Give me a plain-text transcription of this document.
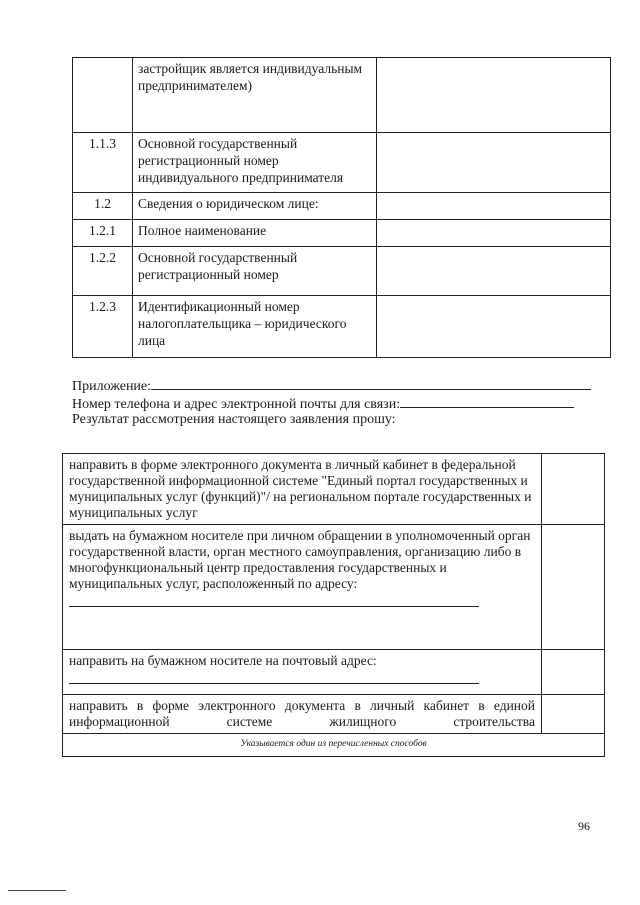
	застройщик является индивидуальным предпринимателем)	
1.1.3	Основной государственный регистрационный номер индивидуального предпринимателя	
1.2	Сведения о юридическом лице:	
1.2.1	Полное наименование	
1.2.2	Основной государственный регистрационный номер	
1.2.3	Идентификационный номер налогоплательщика – юридического лица	
Приложение:
Номер телефона и адрес электронной почты для связи:
Результат рассмотрения настоящего заявления прошу:
направить в форме электронного документа в личный кабинет в федеральной государственной информационной системе "Единый портал государственных и муниципальных услуг (функций)"/ на региональном портале государственных и муниципальных услуг	
выдать на бумажном носителе при личном обращении в уполномоченный орган государственной власти, орган местного самоуправления, организацию либо в многофункциональный центр предоставления государственных и муниципальных услуг, расположенный по адресу:

направить на бумажном носителе на почтовый адрес:

направить в форме электронного документа в личный кабинет в единой информационной системе жилищного строительства	
Указывается один из перечисленных способов	
96
